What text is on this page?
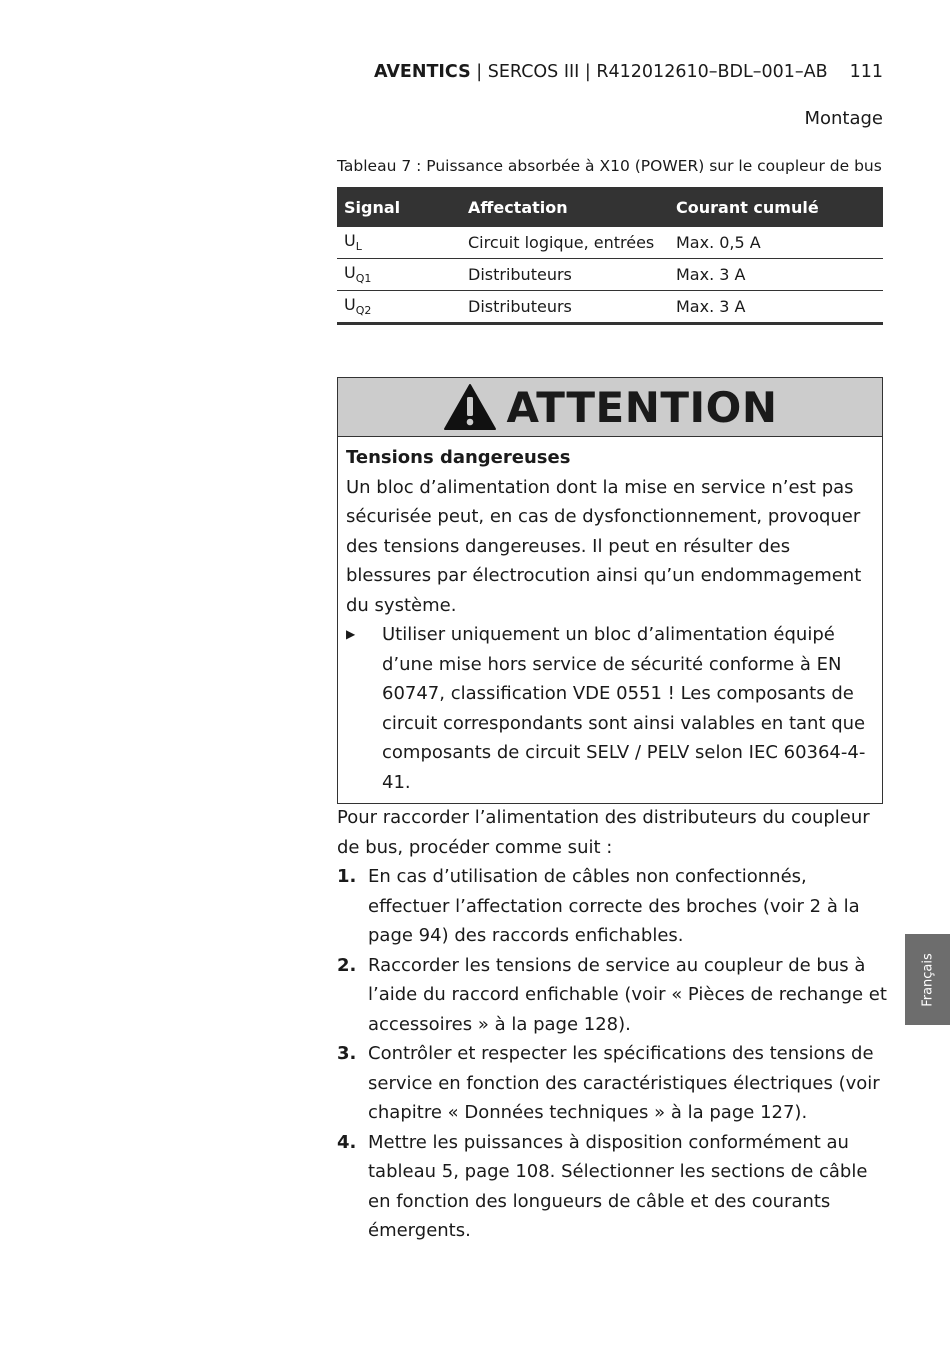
AVENTICS | SERCOS III | R412012610–BDL–001–AB 111
Montage
Tableau 7 : Puissance absorbée à X10 (POWER) sur le coupleur de bus
Signal	Affectation	Courant cumulé
$U_L$	Circuit logique, entrées	Max. 0,5 A
$U_{Q1}$	Distributeurs	Max. 3 A
$U_{Q2}$	Distributeurs	Max. 3 A
ATTENTION
Tensions dangereuses
Un bloc d’alimentation dont la mise en service n’est pas sécurisée peut, en cas de dysfonctionnement, provoquer des tensions dangereuses. Il peut en résulter des blessures par électrocution ainsi qu’un endommagement du système.
▶	Utiliser uniquement un bloc d’alimentation équipé d’une mise hors service de sécurité conforme à EN 60747, classification VDE 0551 ! Les composants de circuit correspondants sont ainsi valables en tant que composants de circuit SELV / PELV selon IEC 60364-4-41.
Pour raccorder l’alimentation des distributeurs du coupleur de bus, procéder comme suit :
1. En cas d’utilisation de câbles non confectionnés, effectuer l’affectation correcte des broches (voir 2 à la page 94) des raccords enfichables.
2. Raccorder les tensions de service au coupleur de bus à l’aide du raccord enfichable (voir « Pièces de rechange et accessoires » à la page 128).
3. Contrôler et respecter les spécifications des tensions de service en fonction des caractéristiques électriques (voir chapitre « Données techniques » à la page 127).
4. Mettre les puissances à disposition conformément au tableau 5, page 108. Sélectionner les sections de câble en fonction des longueurs de câble et des courants émergents.
Français
